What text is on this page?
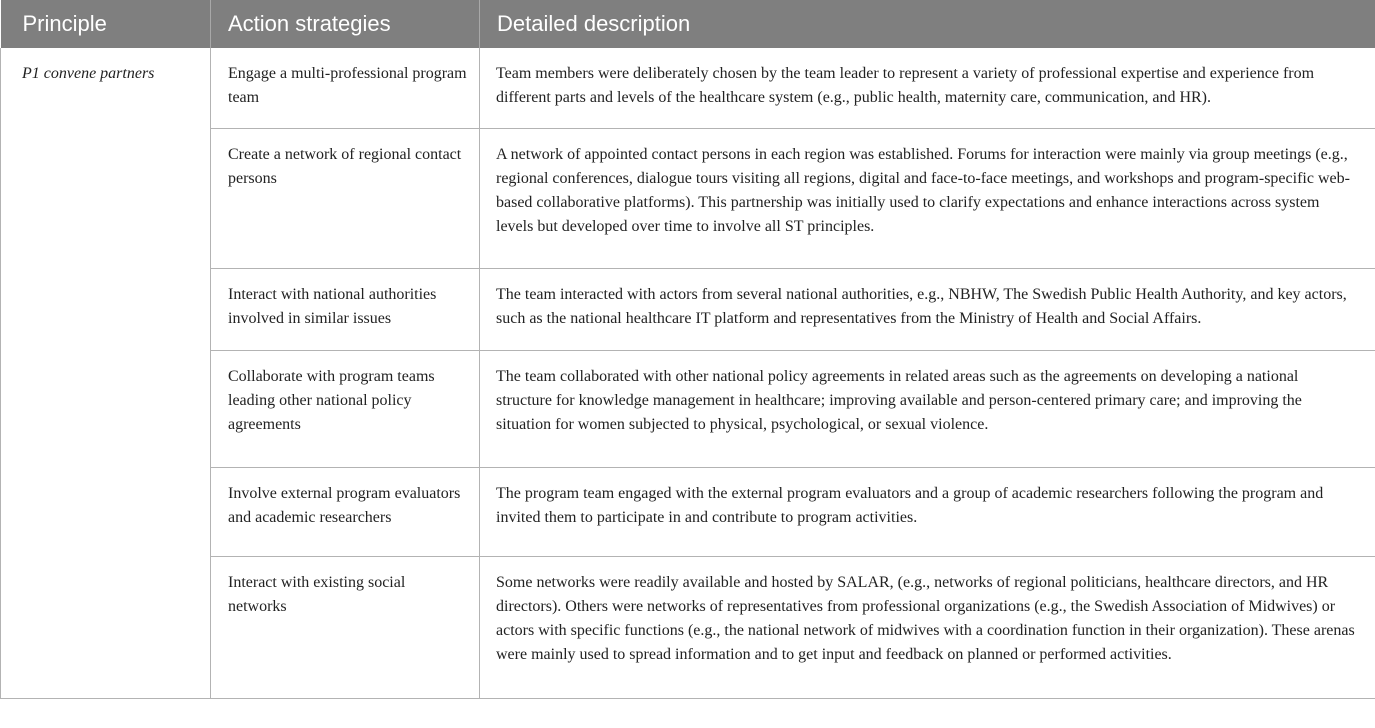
Principle	Action strategies	Detailed description
P1 convene partners	Engage a multi-professional program team	Team members were deliberately chosen by the team leader to represent a variety of professional expertise and experience from different parts and levels of the healthcare system (e.g., public health, maternity care, communication, and HR).
	Create a network of regional contact persons	A network of appointed contact persons in each region was established. Forums for interaction were mainly via group meetings (e.g., regional conferences, dialogue tours visiting all regions, digital and face-to-face meetings, and workshops and program-specific web-based collaborative platforms). This partnership was initially used to clarify expectations and enhance interactions across system levels but developed over time to involve all ST principles.
	Interact with national authorities involved in similar issues	The team interacted with actors from several national authorities, e.g., NBHW, The Swedish Public Health Authority, and key actors, such as the national healthcare IT platform and representatives from the Ministry of Health and Social Affairs.
	Collaborate with program teams leading other national policy agreements	The team collaborated with other national policy agreements in related areas such as the agreements on developing a national structure for knowledge management in healthcare; improving available and person-centered primary care; and improving the situation for women subjected to physical, psychological, or sexual violence.
	Involve external program evaluators and academic researchers	The program team engaged with the external program evaluators and a group of academic researchers following the program and invited them to participate in and contribute to program activities.
	Interact with existing social networks	Some networks were readily available and hosted by SALAR, (e.g., networks of regional politicians, healthcare directors, and HR directors). Others were networks of representatives from professional organizations (e.g., the Swedish Association of Midwives) or actors with specific functions (e.g., the national network of midwives with a coordination function in their organization). These arenas were mainly used to spread information and to get input and feedback on planned or performed activities.
